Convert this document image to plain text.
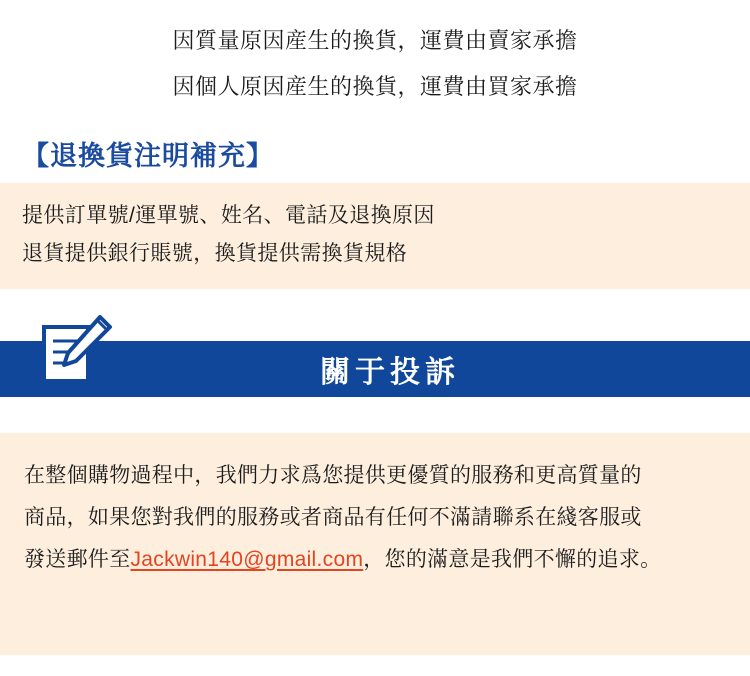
因質量原因産生的換貨，運費由賣家承擔
因個人原因産生的換貨，運費由買家承擔
【退換貨注明補充】
提供訂單號/運單號、姓名、電話及退換原因
退貨提供銀行賬號，換貨提供需換貨規格
關于投訴
在整個購物過程中，我們力求爲您提供更優質的服務和更高質量的
商品，如果您對我們的服務或者商品有任何不滿請聯系在綫客服或
發送郵件至Jackwin140@gmail.com，您的滿意是我們不懈的追求。
